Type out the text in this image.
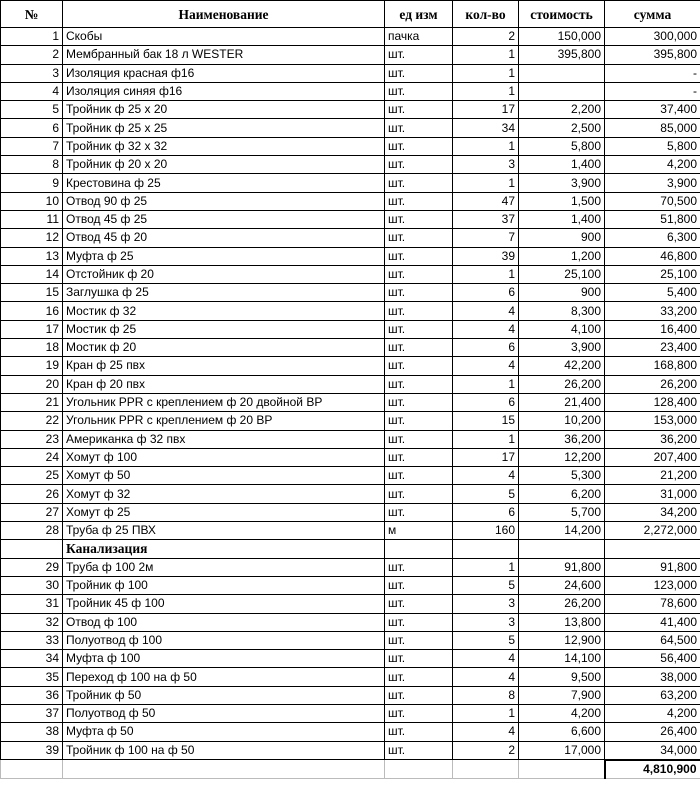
№	Наименование	ед изм	кол-во	стоимость	сумма
1	Скобы	пачка	2	150,000	300,000
2	Мембранный бак 18 л WESTER	шт.	1	395,800	395,800
3	Изоляция красная ф16	шт.	1		-
4	Изоляция синяя ф16	шт.	1		-
5	Тройник ф 25 х 20	шт.	17	2,200	37,400
6	Тройник ф 25 х 25	шт.	34	2,500	85,000
7	Тройник ф 32 х 32	шт.	1	5,800	5,800
8	Тройник ф 20 х 20	шт.	3	1,400	4,200
9	Крестовина ф 25	шт.	1	3,900	3,900
10	Отвод 90 ф 25	шт.	47	1,500	70,500
11	Отвод 45 ф 25	шт.	37	1,400	51,800
12	Отвод 45 ф 20	шт.	7	900	6,300
13	Муфта ф 25	шт.	39	1,200	46,800
14	Отстойник ф 20	шт.	1	25,100	25,100
15	Заглушка ф 25	шт.	6	900	5,400
16	Мостик ф 32	шт.	4	8,300	33,200
17	Мостик ф 25	шт.	4	4,100	16,400
18	Мостик ф 20	шт.	6	3,900	23,400
19	Кран ф 25 пвх	шт.	4	42,200	168,800
20	Кран ф 20 пвх	шт.	1	26,200	26,200
21	Угольник PPR с креплением ф 20 двойной ВР	шт.	6	21,400	128,400
22	Угольник PPR с креплением ф 20 ВР	шт.	15	10,200	153,000
23	Американка ф 32 пвх	шт.	1	36,200	36,200
24	Хомут ф 100	шт.	17	12,200	207,400
25	Хомут ф 50	шт.	4	5,300	21,200
26	Хомут ф 32	шт.	5	6,200	31,000
27	Хомут ф 25	шт.	6	5,700	34,200
28	Труба ф 25 ПВХ	м	160	14,200	2,272,000
	Канализация				
29	Труба ф 100 2м	шт.	1	91,800	91,800
30	Тройник ф 100	шт.	5	24,600	123,000
31	Тройник 45 ф 100	шт.	3	26,200	78,600
32	Отвод ф 100	шт.	3	13,800	41,400
33	Полуотвод ф 100	шт.	5	12,900	64,500
34	Муфта ф 100	шт.	4	14,100	56,400
35	Переход ф 100 на ф 50	шт.	4	9,500	38,000
36	Тройник ф 50	шт.	8	7,900	63,200
37	Полуотвод ф 50	шт.	1	4,200	4,200
38	Муфта ф 50	шт.	4	6,600	26,400
39	Тройник ф 100 на ф 50	шт.	2	17,000	34,000
					4,810,900
